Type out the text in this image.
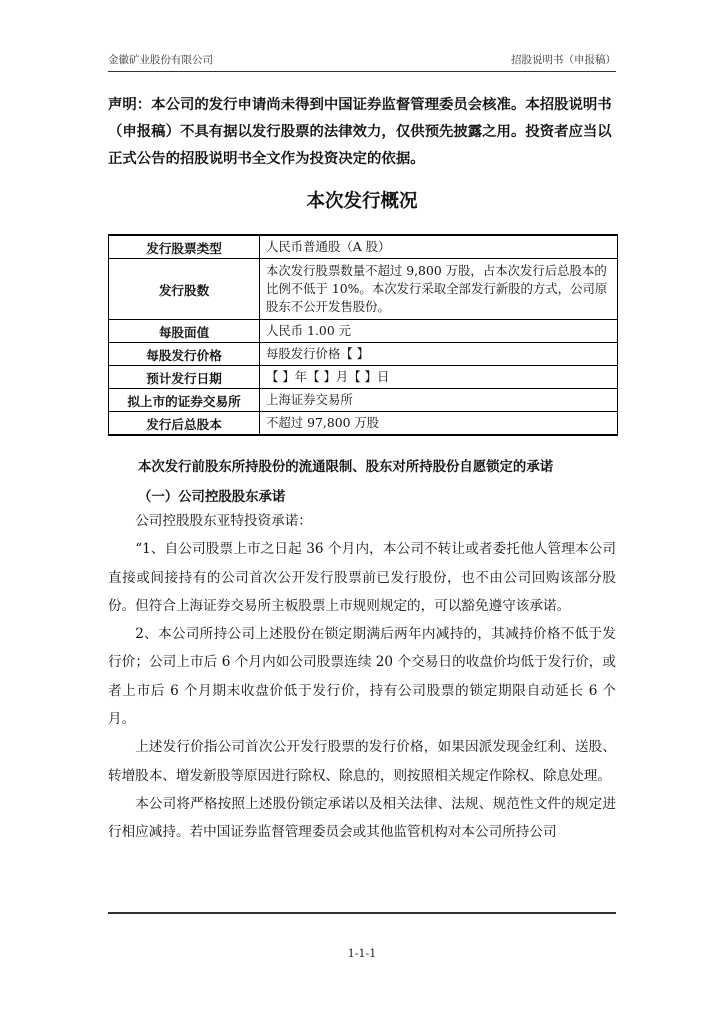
金徽矿业股份有限公司	招股说明书（申报稿）
声明：本公司的发行申请尚未得到中国证券监督管理委员会核准。本招股说明书（申报稿）不具有据以发行股票的法律效力，仅供预先披露之用。投资者应当以正式公告的招股说明书全文作为投资决定的依据。
本次发行概况
发行股票类型	人民币普通股（A 股）
发行股数	本次发行股票数量不超过 9,800 万股，占本次发行后总股本的比例不低于 10%。本次发行采取全部发行新股的方式，公司原股东不公开发售股份。
每股面值	人民币 1.00 元
每股发行价格	每股发行价格【 】
预计发行日期	【 】年【 】月【 】日
拟上市的证券交易所	上海证券交易所
发行后总股本	不超过 97,800 万股
本次发行前股东所持股份的流通限制、股东对所持股份自愿锁定的承诺
（一）公司控股股东承诺

公司控股股东亚特投资承诺：

“1、自公司股票上市之日起 36 个月内，本公司不转让或者委托他人管理本公司直接或间接持有的公司首次公开发行股票前已发行股份，也不由公司回购该部分股份。但符合上海证券交易所主板股票上市规则规定的，可以豁免遵守该承诺。

2、本公司所持公司上述股份在锁定期满后两年内减持的，其减持价格不低于发行价；公司上市后 6 个月内如公司股票连续 20 个交易日的收盘价均低于发行价，或者上市后 6 个月期末收盘价低于发行价，持有公司股票的锁定期限自动延长 6 个月。

上述发行价指公司首次公开发行股票的发行价格，如果因派发现金红利、送股、转增股本、增发新股等原因进行除权、除息的，则按照相关规定作除权、除息处理。

本公司将严格按照上述股份锁定承诺以及相关法律、法规、规范性文件的规定进行相应减持。若中国证券监督管理委员会或其他监管机构对本公司所持公司

1-1-1
